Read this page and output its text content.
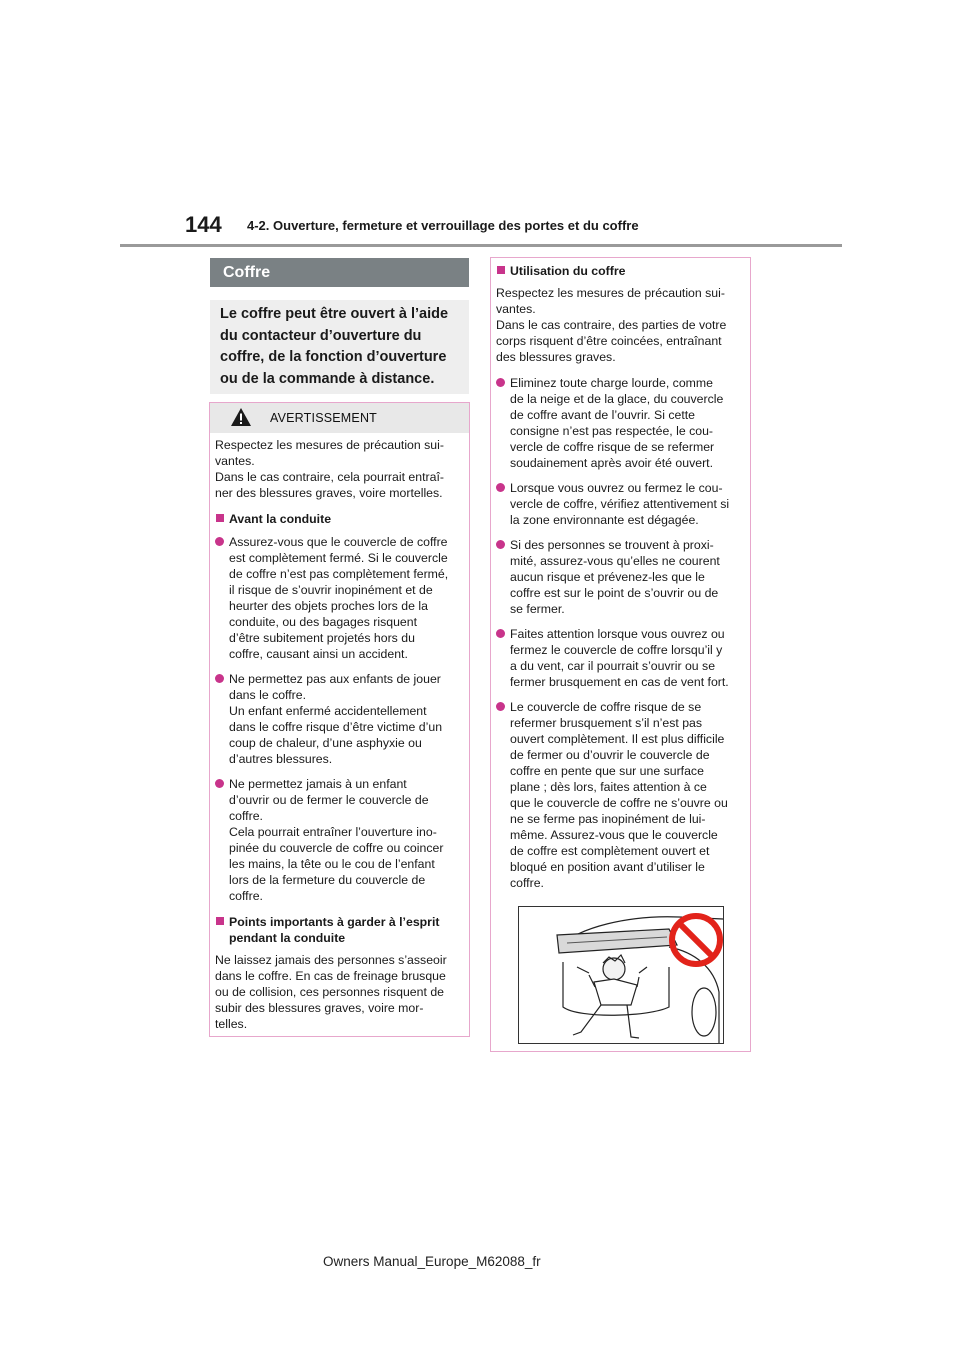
144 4-2. Ouverture, fermeture et verrouillage des portes et du coffre
Coffre
Le coffre peut être ouvert à l’aide du contacteur d’ouverture du coffre, de la fonction d’ouverture ou de la commande à distance.
AVERTISSEMENT
Respectez les mesures de précaution sui-
vantes.
Dans le cas contraire, cela pourrait entraî-
ner des blessures graves, voire mortelles.
Avant la conduite
Assurez-vous que le couvercle de coffre
est complètement fermé. Si le couvercle
de coffre n’est pas complètement fermé,
il risque de s’ouvrir inopinément et de
heurter des objets proches lors de la
conduite, ou des bagages risquent
d’être subitement projetés hors du
coffre, causant ainsi un accident.
Ne permettez pas aux enfants de jouer
dans le coffre.
Un enfant enfermé accidentellement
dans le coffre risque d’être victime d’un
coup de chaleur, d’une asphyxie ou
d’autres blessures.
Ne permettez jamais à un enfant
d’ouvrir ou de fermer le couvercle de
coffre.
Cela pourrait entraîner l’ouverture ino-
pinée du couvercle de coffre ou coincer
les mains, la tête ou le cou de l’enfant
lors de la fermeture du couvercle de
coffre.
Points importants à garder à l’esprit
pendant la conduite
Ne laissez jamais des personnes s’asseoir
dans le coffre. En cas de freinage brusque
ou de collision, ces personnes risquent de
subir des blessures graves, voire mor-
telles.
Utilisation du coffre
Respectez les mesures de précaution sui-
vantes.
Dans le cas contraire, des parties de votre
corps risquent d’être coincées, entraînant
des blessures graves.
Eliminez toute charge lourde, comme
de la neige et de la glace, du couvercle
de coffre avant de l’ouvrir. Si cette
consigne n’est pas respectée, le cou-
vercle de coffre risque de se refermer
soudainement après avoir été ouvert.
Lorsque vous ouvrez ou fermez le cou-
vercle de coffre, vérifiez attentivement si
la zone environnante est dégagée.
Si des personnes se trouvent à proxi-
mité, assurez-vous qu’elles ne courent
aucun risque et prévenez-les que le
coffre est sur le point de s’ouvrir ou de
se fermer.
Faites attention lorsque vous ouvrez ou
fermez le couvercle de coffre lorsqu’il y
a du vent, car il pourrait s’ouvrir ou se
fermer brusquement en cas de vent fort.
Le couvercle de coffre risque de se
refermer brusquement s’il n’est pas
ouvert complètement. Il est plus difficile
de fermer ou d’ouvrir le couvercle de
coffre en pente que sur une surface
plane ; dès lors, faites attention à ce
que le couvercle de coffre ne s’ouvre ou
ne se ferme pas inopinément de lui-
même. Assurez-vous que le couvercle
de coffre est complètement ouvert et
bloqué en position avant d’utiliser le
coffre.
Owners Manual_Europe_M62088_fr
